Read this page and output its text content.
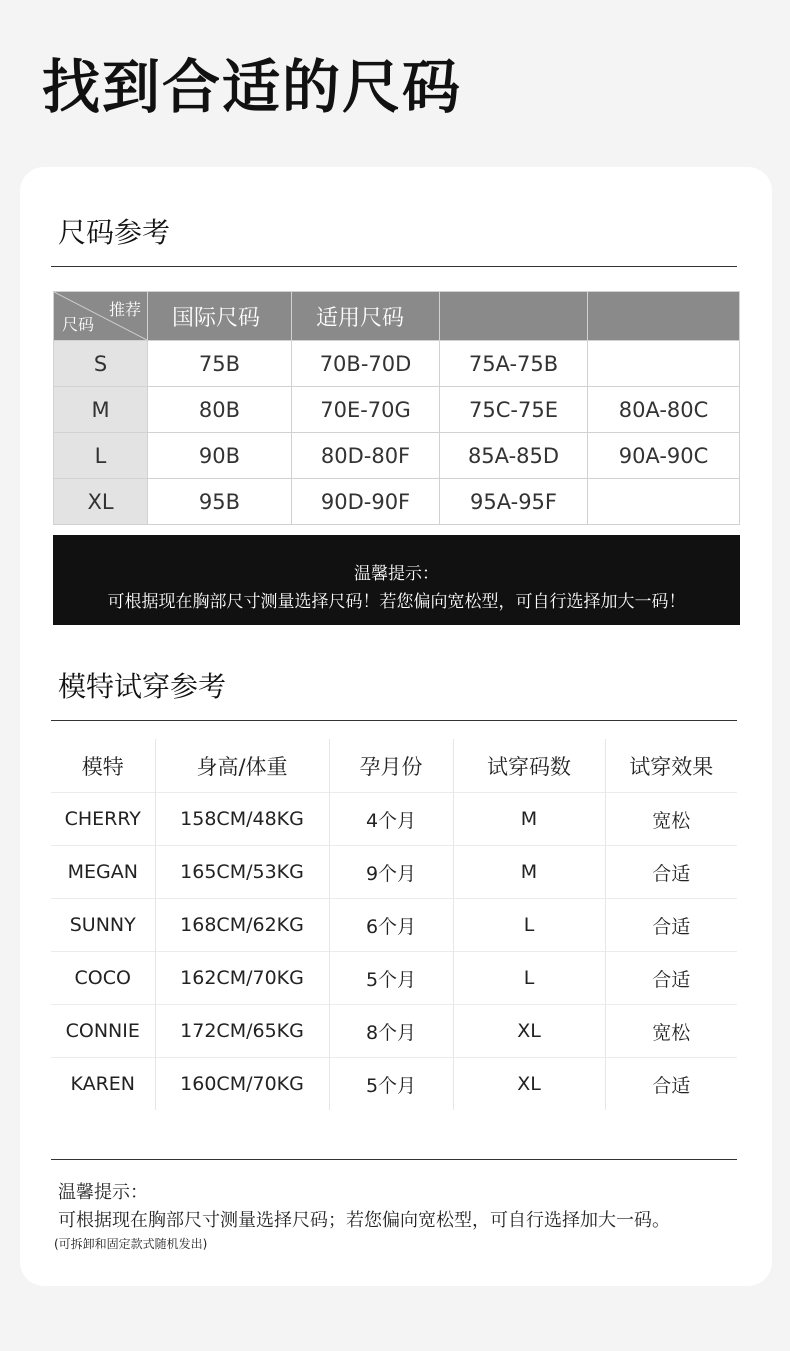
找到合适的尺码
尺码参考
推荐
尺码	国际尺码	适用尺码		
S	75B	70B-70D	75A-75B	
M	80B	70E-70G	75C-75E	80A-80C
L	90B	80D-80F	85A-85D	90A-90C
XL	95B	90D-90F	95A-95F	
温馨提示：
可根据现在胸部尺寸测量选择尺码！若您偏向宽松型，可自行选择加大一码！
模特试穿参考
模特	身高/体重	孕月份	试穿码数	试穿效果
CHERRY	158CM/48KG	4个月	M	宽松
MEGAN	165CM/53KG	9个月	M	合适
SUNNY	168CM/62KG	6个月	L	合适
COCO	162CM/70KG	5个月	L	合适
CONNIE	172CM/65KG	8个月	XL	宽松
KAREN	160CM/70KG	5个月	XL	合适
温馨提示：
可根据现在胸部尺寸测量选择尺码；若您偏向宽松型，可自行选择加大一码。
(可拆卸和固定款式随机发出)
